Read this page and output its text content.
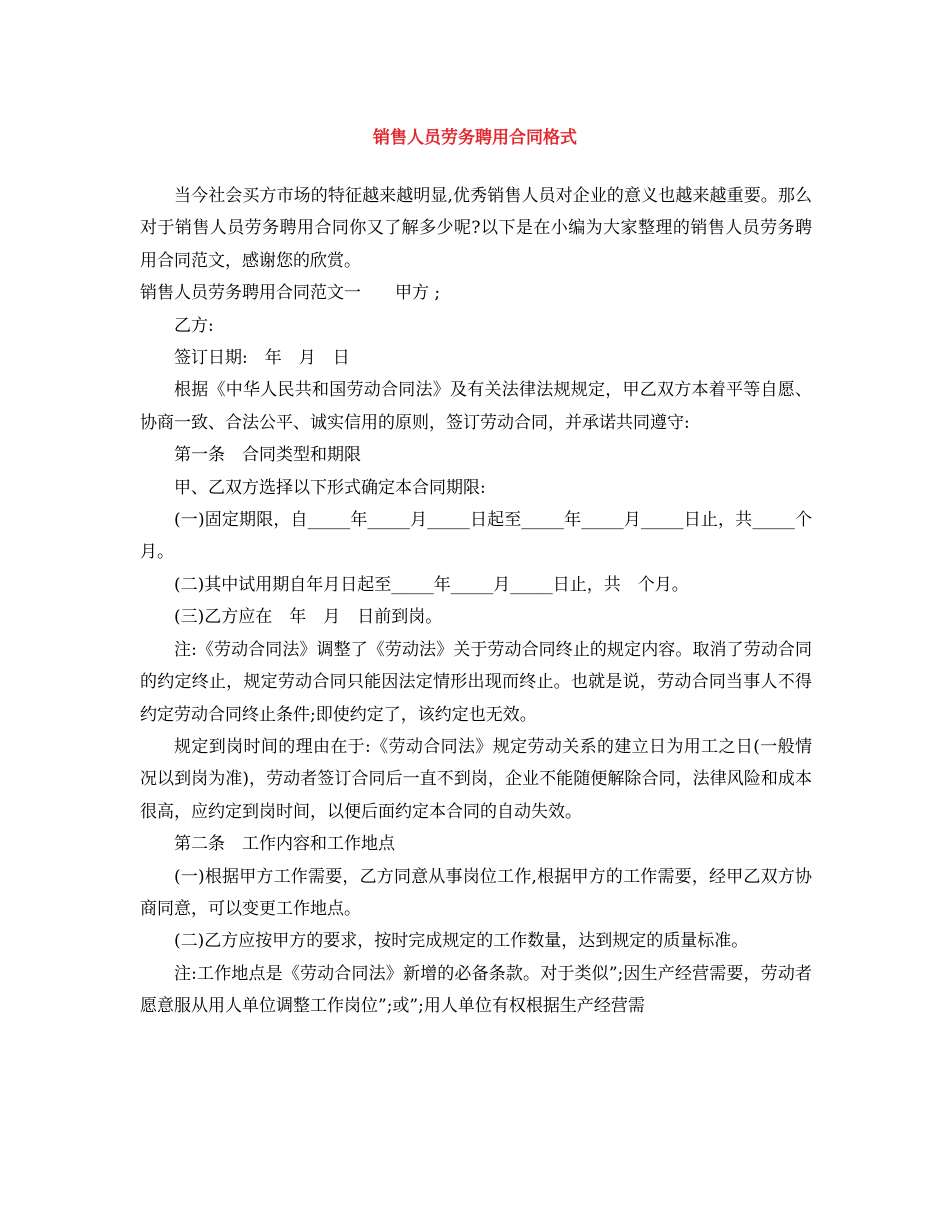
销售人员劳务聘用合同格式

当今社会买方市场的特征越来越明显,优秀销售人员对企业的意义也越来越重要。那么对于销售人员劳务聘用合同你又了解多少呢?以下是在小编为大家整理的销售人员劳务聘用合同范文，感谢您的欣赏。

销售人员劳务聘用合同范文一　　甲方 ;

乙方:

签订日期:　年　月　日

根据《中华人民共和国劳动合同法》及有关法律法规规定，甲乙双方本着平等自愿、协商一致、合法公平、诚实信用的原则，签订劳动合同，并承诺共同遵守:

第一条　合同类型和期限

甲、乙双方选择以下形式确定本合同期限:

(一)固定期限，自_____年_____月_____日起至_____年_____月_____日止，共_____个月。

(二)其中试用期自年月日起至_____年_____月_____日止，共　个月。

(三)乙方应在　年　月　日前到岗。

注:《劳动合同法》调整了《劳动法》关于劳动合同终止的规定内容。取消了劳动合同的约定终止，规定劳动合同只能因法定情形出现而终止。也就是说，劳动合同当事人不得约定劳动合同终止条件;即使约定了，该约定也无效。

规定到岗时间的理由在于:《劳动合同法》规定劳动关系的建立日为用工之日(一般情况以到岗为准)，劳动者签订合同后一直不到岗，企业不能随便解除合同，法律风险和成本很高，应约定到岗时间，以便后面约定本合同的自动失效。

第二条　工作内容和工作地点

(一)根据甲方工作需要，乙方同意从事岗位工作,根据甲方的工作需要，经甲乙双方协商同意，可以变更工作地点。

(二)乙方应按甲方的要求，按时完成规定的工作数量，达到规定的质量标准。

注:工作地点是《劳动合同法》新增的必备条款。对于类似”;因生产经营需要，劳动者愿意服从用人单位调整工作岗位”;或”;用人单位有权根据生产经营需
